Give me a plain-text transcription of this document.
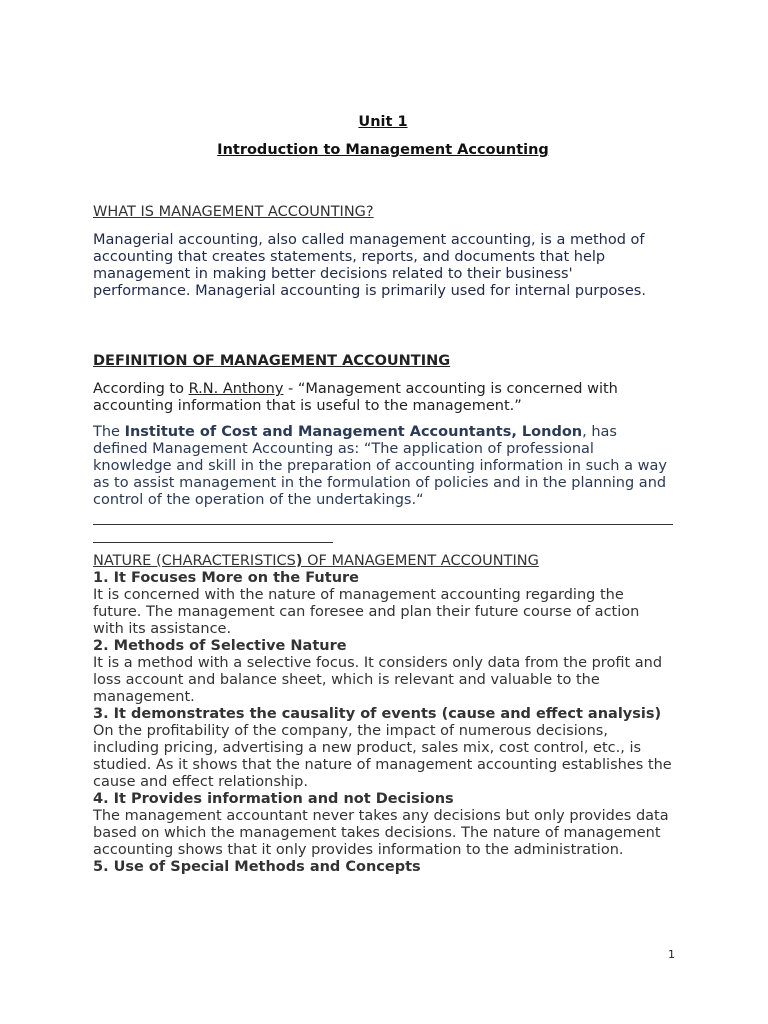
Unit 1
Introduction to Management Accounting
WHAT IS MANAGEMENT ACCOUNTING?

Managerial accounting, also called management accounting, is a method of accounting that creates statements, reports, and documents that help management in making better decisions related to their business' performance. Managerial accounting is primarily used for internal purposes.

DEFINITION OF MANAGEMENT ACCOUNTING

According to R.N. Anthony - “Management accounting is concerned with accounting information that is useful to the management.”

The Institute of Cost and Management Accountants, London, has defined Management Accounting as: “The application of professional knowledge and skill in the preparation of accounting information in such a way as to assist management in the formulation of policies and in the planning and control of the operation of the undertakings.“

NATURE (CHARACTERISTICS) OF MANAGEMENT ACCOUNTING
1. It Focuses More on the Future
It is concerned with the nature of management accounting regarding the future. The management can foresee and plan their future course of action with its assistance.
2. Methods of Selective Nature
It is a method with a selective focus. It considers only data from the profit and loss account and balance sheet, which is relevant and valuable to the management.
3. It demonstrates the causality of events (cause and effect analysis)
On the profitability of the company, the impact of numerous decisions, including pricing, advertising a new product, sales mix, cost control, etc., is studied. As it shows that the nature of management accounting establishes the cause and effect relationship.
4. It Provides information and not Decisions
The management accountant never takes any decisions but only provides data based on which the management takes decisions. The nature of management accounting shows that it only provides information to the administration.
5. Use of Special Methods and Concepts
1
